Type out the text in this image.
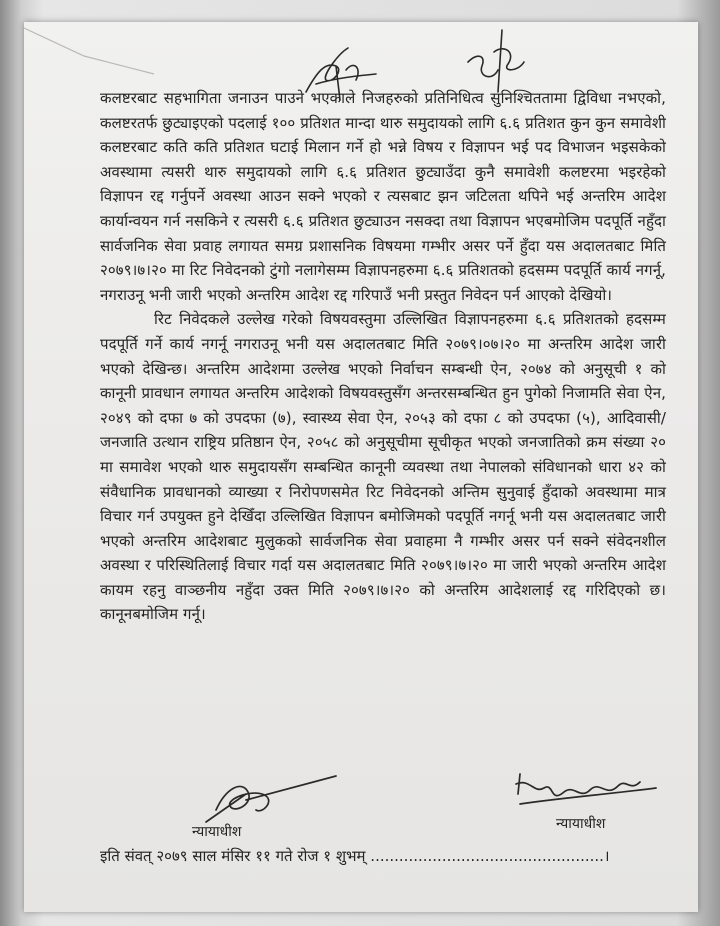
कलष्टरबाट सहभागिता जनाउन पाउने भएकाले निजहरुको प्रतिनिधित्व सुनिश्चिततामा द्विविधा नभएको, कलष्टरतर्फ छुट्याइएको पदलाई १०० प्रतिशत मान्दा थारु समुदायको लागि ६.६ प्रतिशत कुन कुन समावेशी कलष्टरबाट कति कति प्रतिशत घटाई मिलान गर्ने हो भन्ने विषय र विज्ञापन भई पद विभाजन भइसकेको अवस्थामा त्यसरी थारु समुदायको लागि ६.६ प्रतिशत छुट्याउँदा कुनै समावेशी कलष्टरमा भइरहेको विज्ञापन रद्द गर्नुपर्ने अवस्था आउन सक्ने भएको र त्यसबाट झन जटिलता थपिने भई अन्तरिम आदेश कार्यान्वयन गर्न नसकिने र त्यसरी ६.६ प्रतिशत छुट्याउन नसक्दा तथा विज्ञापन भएबमोजिम पदपूर्ति नहुँदा सार्वजनिक सेवा प्रवाह लगायत समग्र प्रशासनिक विषयमा गम्भीर असर पर्ने हुँदा यस अदालतबाट मिति २०७९।७।२० मा रिट निवेदनको टुंगो नलागेसम्म विज्ञापनहरुमा ६.६ प्रतिशतको हदसम्म पदपूर्ति कार्य नगर्नू, नगराउनू भनी जारी भएको अन्तरिम आदेश रद्द गरिपाउँ भनी प्रस्तुत निवेदन पर्न आएको देखियो।

रिट निवेदकले उल्लेख गरेको विषयवस्तुमा उल्लिखित विज्ञापनहरुमा ६.६ प्रतिशतको हदसम्म पदपूर्ति गर्ने कार्य नगर्नू नगराउनू भनी यस अदालतबाट मिति २०७९।०७।२० मा अन्तरिम आदेश जारी भएको देखिन्छ। अन्तरिम आदेशमा उल्लेख भएको निर्वाचन सम्बन्धी ऐन, २०७४ को अनुसूची १ को कानूनी प्रावधान लगायत अन्तरिम आदेशको विषयवस्तुसँग अन्तरसम्बन्धित हुन पुगेको निजामति सेवा ऐन, २०४९ को दफा ७ को उपदफा (७), स्वास्थ्य सेवा ऐन, २०५३ को दफा ८ को उपदफा (५), आदिवासी/जनजाति उत्थान राष्ट्रिय प्रतिष्ठान ऐन, २०५८ को अनुसूचीमा सूचीकृत भएको जनजातिको क्रम संख्या २० मा समावेश भएको थारु समुदायसँग सम्बन्धित कानूनी व्यवस्था तथा नेपालको संविधानको धारा ४२ को संवैधानिक प्रावधानको व्याख्या र निरोपणसमेत रिट निवेदनको अन्तिम सुनुवाई हुँदाको अवस्थामा मात्र विचार गर्न उपयुक्त हुने देखिँदा उल्लिखित विज्ञापन बमोजिमको पदपूर्ति नगर्नू भनी यस अदालतबाट जारी भएको अन्तरिम आदेशबाट मुलुकको सार्वजनिक सेवा प्रवाहमा नै गम्भीर असर पर्न सक्ने संवेदनशील अवस्था र परिस्थितिलाई विचार गर्दा यस अदालतबाट मिति २०७९।७।२० मा जारी भएको अन्तरिम आदेश कायम रहनु वाञ्छनीय नहुँदा उक्त मिति २०७९।७।२० को अन्तरिम आदेशलाई रद्द गरिदिएको छ। कानूनबमोजिम गर्नू।

न्यायाधीश	न्यायाधीश
इति संवत् २०७९ साल मंसिर ११ गते रोज १ शुभम् .................................................।
